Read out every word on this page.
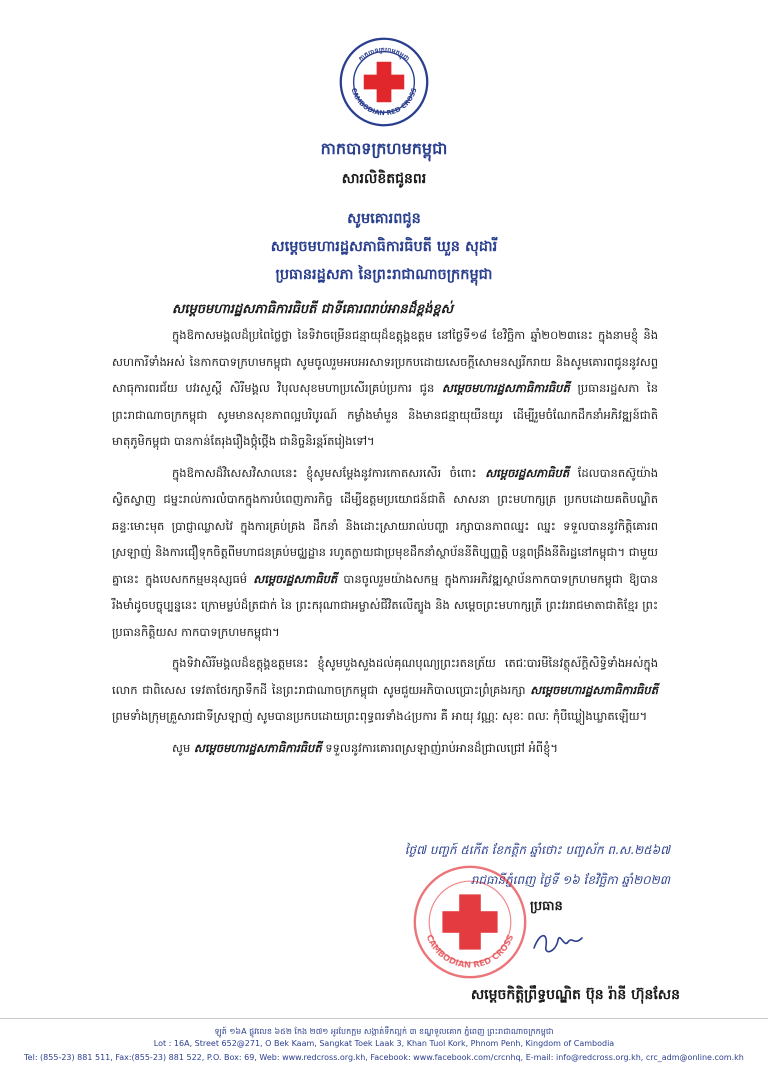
CAMBODIAN RED CROSS
កាកបាទក្រហមកម្ពុជា
កាកបាទក្រហមកម្ពុជា
សារលិខិតជូនពរ
សូមគោរពជូន
សម្តេចមហារដ្ឋសភាធិការធិបតី ឃួន សុដារី
ប្រធានរដ្ឋសភា នៃព្រះរាជាណាចក្រកម្ពុជា
សម្តេចមហារដ្ឋសភាធិការធិបតី ជាទីគោរពរាប់អានដ៏ខ្ពង់ខ្ពស់

ក្នុងឱកាសមង្គលដ៏ប្រពៃថ្លៃថ្លា នៃទិវាចម្រើនជន្មាយុដ៏ឧត្តុង្គឧត្តម នៅថ្ងៃទី១៨ ខែវិច្ឆិកា ឆ្នាំ២០២៣នេះ ក្នុងនាមខ្ញុំ និងសហការីទាំងអស់ នៃកាកបាទក្រហមកម្ពុជា សូមចូលរួមអបអរសាទរប្រកបដោយសេចក្តីសោមនស្សរីករាយ និងសូមគោរពជូននូវសព្ទសាធុការពរជ័យ បវរសួស្តី សិរីមង្គល វិបុលសុខមហាប្រសើរគ្រប់ប្រការ ជូន សម្តេចមហារដ្ឋសភាធិការធិបតី ប្រធានរដ្ឋសភា នៃព្រះរាជាណាចក្រកម្ពុជា សូមមានសុខភាពល្អបរិបូរណ៍ កម្លាំងមាំមួន និងមានជន្មាយុយឺនយូរ ដើម្បីរួមចំណែកដឹកនាំអភិវឌ្ឍន៍ជាតិ មាតុភូមិកម្ពុជា បានកាន់តែរុងរឿងថ្កុំថ្កើង ជានិច្ចនិរន្តរ៍តរៀងទៅ។

ក្នុងឱកាសដ៏វិសេសវិសាលនេះ ខ្ញុំសូមសម្តែងនូវការកោតសរសើរ ចំពោះ សម្តេចរដ្ឋសភាធិបតី ដែលបានតស៊ូយ៉ាងស្វិតស្វាញ ជម្នះរាល់ការលំបាកក្នុងការបំពេញភារកិច្ច ដើម្បីឧត្តមប្រយោជន៍ជាតិ សាសនា ព្រះមហាក្សត្រ ប្រកបដោយគតិបណ្ឌិត ឆន្ទៈមោះមុត ប្រាជ្ញាឈ្លាសវៃ ក្នុងការគ្រប់គ្រង ដឹកនាំ និងដោះស្រាយរាល់បញ្ហា រក្សាបានភាពឈ្នះ ឈ្នះ ទទួលបាននូវកិត្តិគោរពស្រឡាញ់ និងការជឿទុកចិត្តពីមហាជនគ្រប់មជ្ឈដ្ឋាន រហូតក្លាយជាប្រមុខដឹកនាំស្ថាប័ននីតិប្បញ្ញត្តិ បន្តពង្រឹងនីតិរដ្ឋនៅកម្ពុជា។ ជាមួយគ្នានេះ ក្នុងបេសកកម្មមនុស្សធម៌ សម្តេចរដ្ឋសភាធិបតី បានចូលរួមយ៉ាងសកម្ម ក្នុងការអភិវឌ្ឍស្ថាប័នកាកបាទក្រហមកម្ពុជា ឱ្យបានរឹងមាំដូចបច្ចុប្បន្ននេះ ក្រោមម្លប់ដ៏ត្រជាក់ នៃ ព្រះករុណាជាអម្ចាស់ជីវិតលើត្បូង និង សម្តេចព្រះមហាក្សត្រី ព្រះវររាជមាតាជាតិខ្មែរ ព្រះប្រធានកិត្តិយស កាកបាទក្រហមកម្ពុជា។

ក្នុងទិវាសិរីមង្គលដ៏ឧត្តុង្គឧត្តមនេះ ខ្ញុំសូមបួងសួងដល់គុណបុណ្យព្រះរតនត្រ័យ តេជៈបារមីនៃវត្ថុស័ក្តិសិទ្ធិទាំងអស់ក្នុងលោក ជាពិសេស ទេវតាថែរក្សាទឹកដី នៃព្រះរាជាណាចក្រកម្ពុជា សូមជួយអភិបាលប្រោះព្រំគ្រងរក្សា សម្តេចមហារដ្ឋសភាធិការធិបតី ព្រមទាំងក្រុមគ្រួសារជាទីស្រឡាញ់ សូមបានប្រកបដោយព្រះពុទ្ធពរទាំង៤ប្រការ គឺ អាយុ វណ្ណៈ សុខៈ ពលៈ កុំបីឃ្លៀងឃ្លាតឡើយ។

សូម សម្តេចមហារដ្ឋសភាធិការធិបតី ទទួលនូវការគោរពស្រឡាញ់រាប់អានដ៏ជ្រាលជ្រៅ អំពីខ្ញុំ។

ថ្ងៃ៧ បញ្ចក៍ ៥កើត ខែកត្តិក ឆ្នាំថោះ បញ្ចស័ក ព.ស.២៥៦៧
រាជធានីភ្នំពេញ ថ្ងៃទី ១៦ ខែវិច្ឆិកា ឆ្នាំ២០២៣
CAMBODIAN RED CROSS
ប្រធាន
សម្តេចកិត្តិព្រឹទ្ធបណ្ឌិត ប៊ុន រ៉ានី ហ៊ុនសែន
ឡូត៍ ១៦A ផ្លូវលេខ ៦៥២ កែង ២៧១ អូរបែកក្អម សង្កាត់ទឹកល្អក់ ៣ ខណ្ឌទួលគោក ភ្នំពេញ ព្រះរាជាណាចក្រកម្ពុជា
Lot : 16A, Street 652@271, O Bek Kaam, Sangkat Toek Laak 3, Khan Tuol Kork, Phnom Penh, Kingdom of Cambodia
Tel: (855-23) 881 511, Fax:(855-23) 881 522, P.O. Box: 69, Web: www.redcross.org.kh, Facebook: www.facebook.com/crcnhq, E-mail: info@redcross.org.kh, crc_adm@online.com.kh
